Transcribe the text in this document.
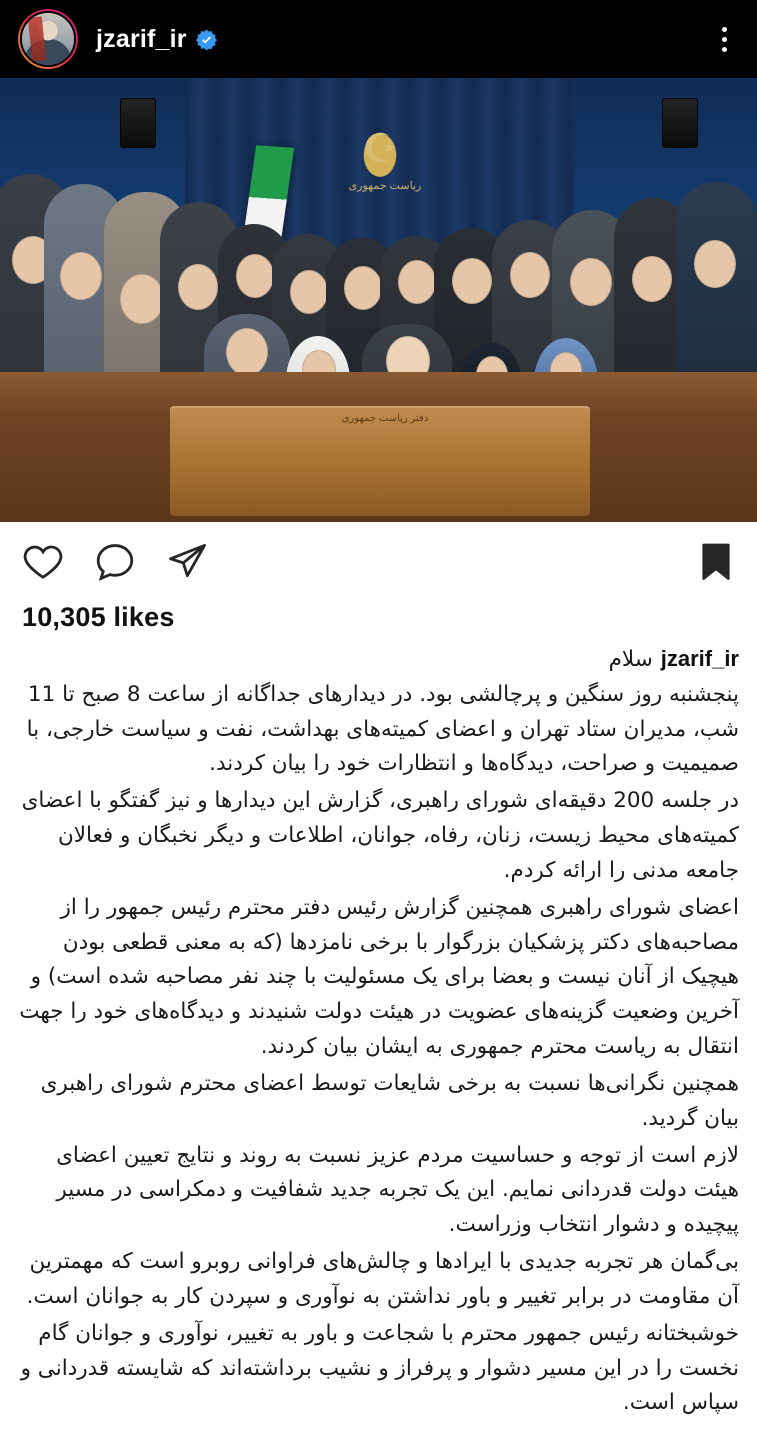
jzarif_ir
☪
ریاست جمهوری
دفتر ریاست جمهوری
10,305 likes
jzarif_irسلام
پنجشنبه روز سنگین و پرچالشی بود. در دیدارهای جداگانه از ساعت 8 صبح تا 11 شب، مدیران ستاد تهران و اعضای کمیته‌های بهداشت، نفت و سیاست خارجی، با صمیمیت و صراحت، دیدگاه‌ها و انتظارات خود را بیان کردند.
در جلسه 200 دقیقه‌ای شورای راهبری، گزارش این دیدارها و نیز گفتگو با اعضای کمیته‌های محیط زیست، زنان، رفاه، جوانان، اطلاعات و دیگر نخبگان و فعالان جامعه مدنی را ارائه کردم.
اعضای شورای راهبری همچنین گزارش رئیس دفتر محترم رئیس جمهور را از مصاحبه‌های دکتر پزشکیان بزرگوار با برخی نامزدها (که به معنی قطعی بودن هیچیک از آنان نیست و بعضا برای یک مسئولیت با چند نفر مصاحبه شده است) و آخرین وضعیت گزینه‌های عضویت در هیئت دولت شنیدند و دیدگاه‌های خود را جهت انتقال به ریاست محترم جمهوری به ایشان بیان کردند.
همچنین نگرانی‌ها نسبت به برخی شایعات توسط اعضای محترم شورای راهبری بیان گردید.
لازم است از توجه و حساسیت مردم عزیز نسبت به روند و نتایج تعیین اعضای هیئت دولت قدردانی نمایم. این یک تجربه جدید شفافیت و دمکراسی در مسیر پیچیده و دشوار انتخاب وزراست.
بی‌گمان هر تجربه جدیدی با ایرادها و چالش‌های فراوانی روبرو است که مهمترین آن مقاومت در برابر تغییر و باور نداشتن به نوآوری و سپردن کار به جوانان است.
خوشبختانه رئیس جمهور محترم با شجاعت و باور به تغییر، نوآوری و جوانان گام نخست را در این مسیر دشوار و پرفراز و نشیب برداشته‌اند که شایسته قدردانی و سپاس است.
